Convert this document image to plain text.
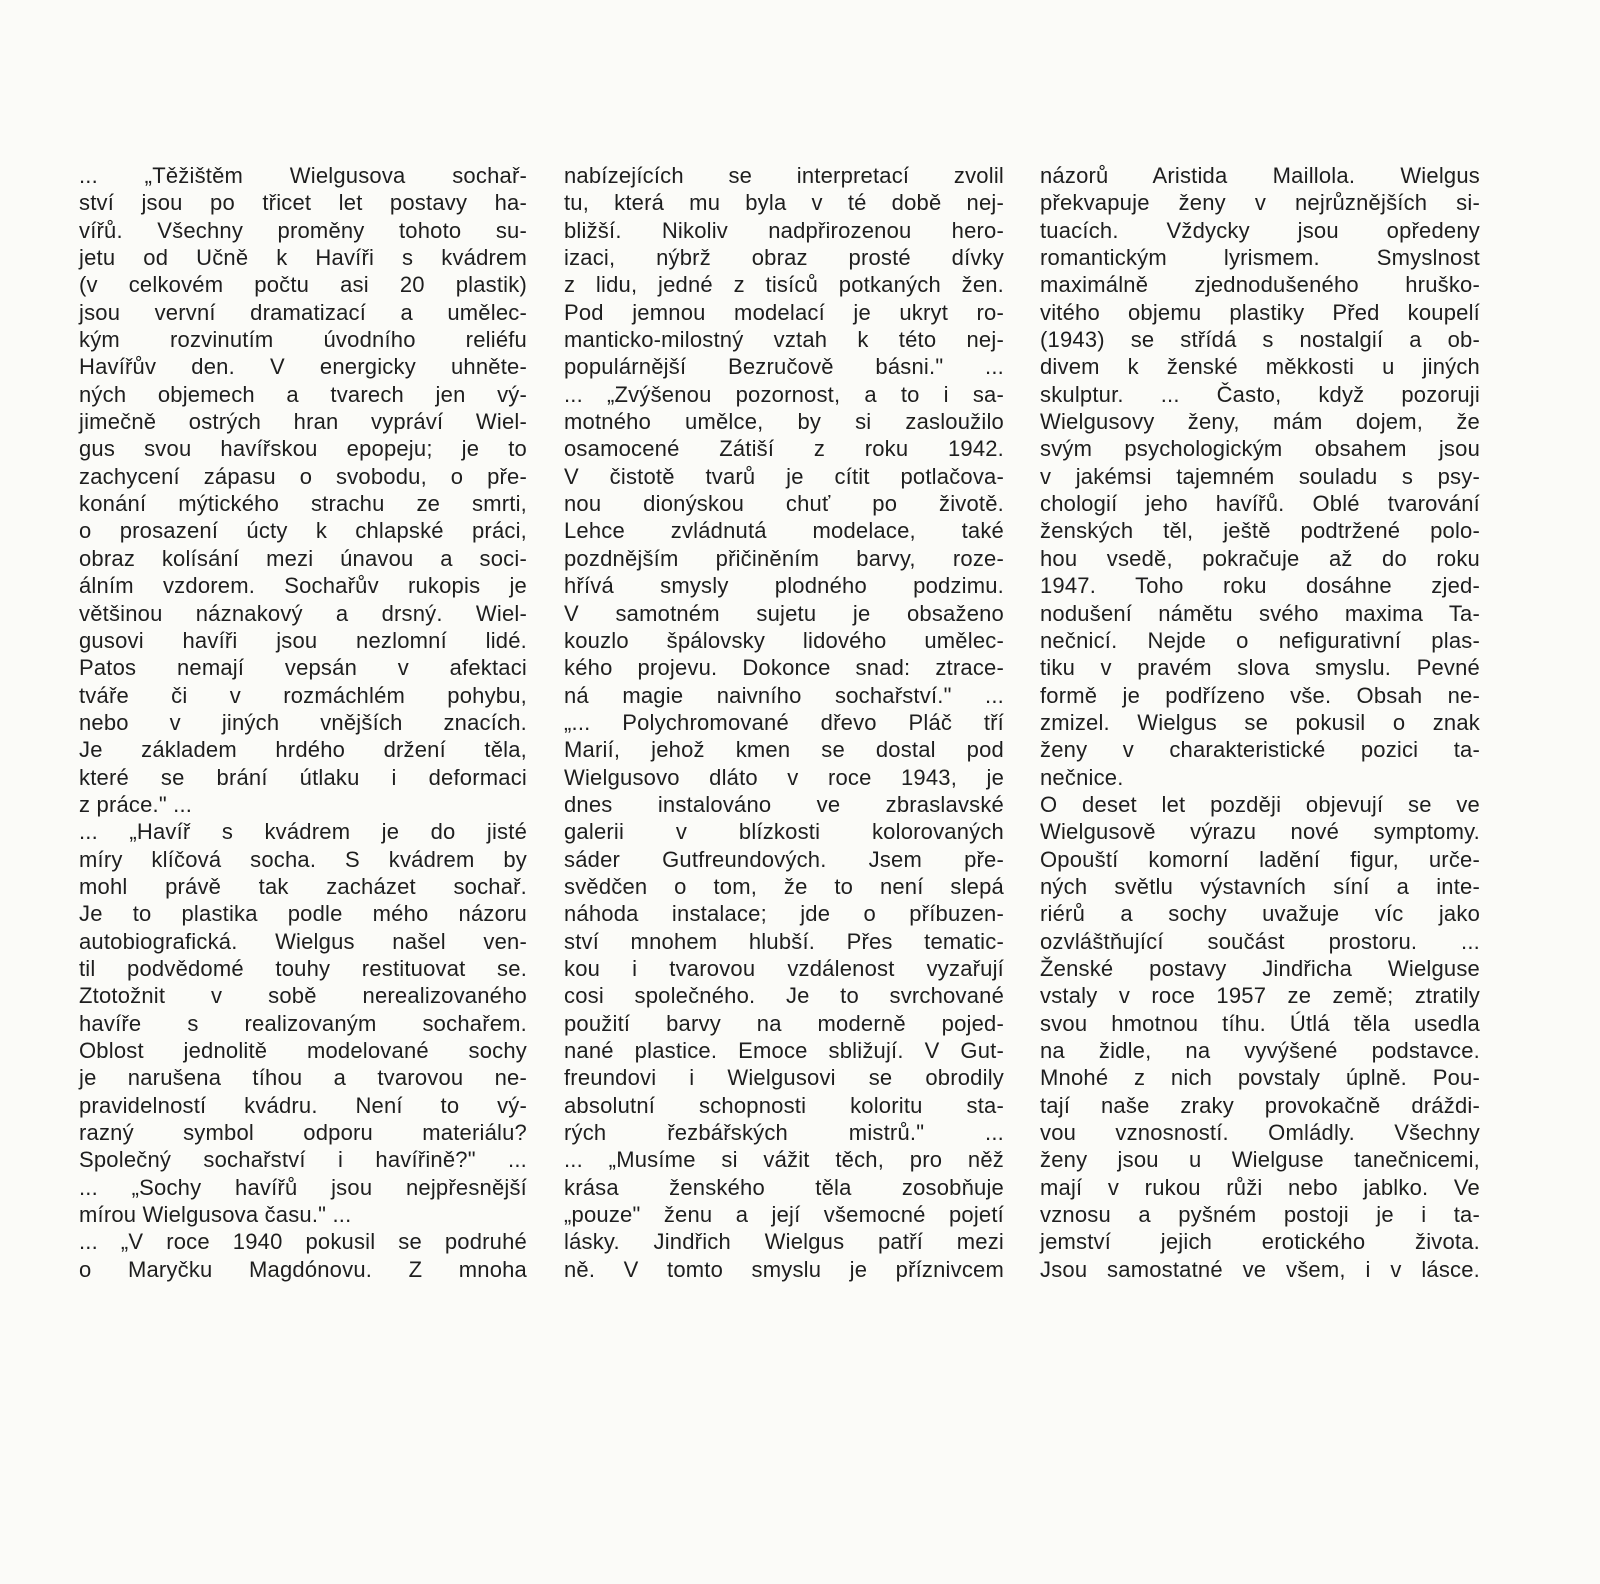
... „Těžištěm Wielgusova sochař-
ství jsou po třicet let postavy ha-
vířů. Všechny proměny tohoto su-
jetu od Učně k Havíři s kvádrem
(v celkovém počtu asi 20 plastik)
jsou vervní dramatizací a umělec-
kým rozvinutím úvodního reliéfu
Havířův den. V energicky uhněte-
ných objemech a tvarech jen vý-
jimečně ostrých hran vypráví Wiel-
gus svou havířskou epopeju; je to
zachycení zápasu o svobodu, o pře-
konání mýtického strachu ze smrti,
o prosazení úcty k chlapské práci,
obraz kolísání mezi únavou a soci-
álním vzdorem. Sochařův rukopis je
většinou náznakový a drsný. Wiel-
gusovi havíři jsou nezlomní lidé.
Patos nemají vepsán v afektaci
tváře či v rozmáchlém pohybu,
nebo v jiných vnějších znacích.
Je základem hrdého držení těla,
které se brání útlaku i deformaci
z práce." ...
... „Havíř s kvádrem je do jisté
míry klíčová socha. S kvádrem by
mohl právě tak zacházet sochař.
Je to plastika podle mého názoru
autobiografická. Wielgus našel ven-
til podvědomé touhy restituovat se.
Ztotožnit v sobě nerealizovaného
havíře s realizovaným sochařem.
Oblost jednolitě modelované sochy
je narušena tíhou a tvarovou ne-
pravidelností kvádru. Není to vý-
razný symbol odporu materiálu?
Společný sochařství i havířině?" ...
... „Sochy havířů jsou nejpřesnější
mírou Wielgusova času." ...
... „V roce 1940 pokusil se podruhé
o Maryčku Magdónovu. Z mnoha
nabízejících se interpretací zvolil
tu, která mu byla v té době nej-
bližší. Nikoliv nadpřirozenou hero-
izaci, nýbrž obraz prosté dívky
z lidu, jedné z tisíců potkaných žen.
Pod jemnou modelací je ukryt ro-
manticko-milostný vztah k této nej-
populárnější Bezručově básni." ...
... „Zvýšenou pozornost, a to i sa-
motného umělce, by si zasloužilo
osamocené Zátiší z roku 1942.
V čistotě tvarů je cítit potlačova-
nou dionýskou chuť po životě.
Lehce zvládnutá modelace, také
pozdnějším přičiněním barvy, roze-
hřívá smysly plodného podzimu.
V samotném sujetu je obsaženo
kouzlo špálovsky lidového umělec-
kého projevu. Dokonce snad: ztrace-
ná magie naivního sochařství." ...
„... Polychromované dřevo Pláč tří
Marií, jehož kmen se dostal pod
Wielgusovo dláto v roce 1943, je
dnes instalováno ve zbraslavské
galerii v blízkosti kolorovaných
sáder Gutfreundových. Jsem pře-
svědčen o tom, že to není slepá
náhoda instalace; jde o příbuzen-
ství mnohem hlubší. Přes tematic-
kou i tvarovou vzdálenost vyzařují
cosi společného. Je to svrchované
použití barvy na moderně pojed-
nané plastice. Emoce sbližují. V Gut-
freundovi i Wielgusovi se obrodily
absolutní schopnosti koloritu sta-
rých řezbářských mistrů." ...
... „Musíme si vážit těch, pro něž
krása ženského těla zosobňuje
„pouze" ženu a její všemocné pojetí
lásky. Jindřich Wielgus patří mezi
ně. V tomto smyslu je příznivcem
názorů Aristida Maillola. Wielgus
překvapuje ženy v nejrůznějších si-
tuacích. Vždycky jsou opředeny
romantickým lyrismem. Smyslnost
maximálně zjednodušeného hruško-
vitého objemu plastiky Před koupelí
(1943) se střídá s nostalgií a ob-
divem k ženské měkkosti u jiných
skulptur. ... Často, když pozoruji
Wielgusovy ženy, mám dojem, že
svým psychologickým obsahem jsou
v jakémsi tajemném souladu s psy-
chologií jeho havířů. Oblé tvarování
ženských těl, ještě podtržené polo-
hou vsedě, pokračuje až do roku
1947. Toho roku dosáhne zjed-
nodušení námětu svého maxima Ta-
nečnicí. Nejde o nefigurativní plas-
tiku v pravém slova smyslu. Pevné
formě je podřízeno vše. Obsah ne-
zmizel. Wielgus se pokusil o znak
ženy v charakteristické pozici ta-
nečnice.
O deset let později objevují se ve
Wielgusově výrazu nové symptomy.
Opouští komorní ladění figur, urče-
ných světlu výstavních síní a inte-
riérů a sochy uvažuje víc jako
ozvláštňující součást prostoru. ...
Ženské postavy Jindřicha Wielguse
vstaly v roce 1957 ze země; ztratily
svou hmotnou tíhu. Útlá těla usedla
na židle, na vyvýšené podstavce.
Mnohé z nich povstaly úplně. Pou-
tají naše zraky provokačně dráždi-
vou vznosností. Omládly. Všechny
ženy jsou u Wielguse tanečnicemi,
mají v rukou růži nebo jablko. Ve
vznosu a pyšném postoji je i ta-
jemství jejich erotického života.
Jsou samostatné ve všem, i v lásce.
